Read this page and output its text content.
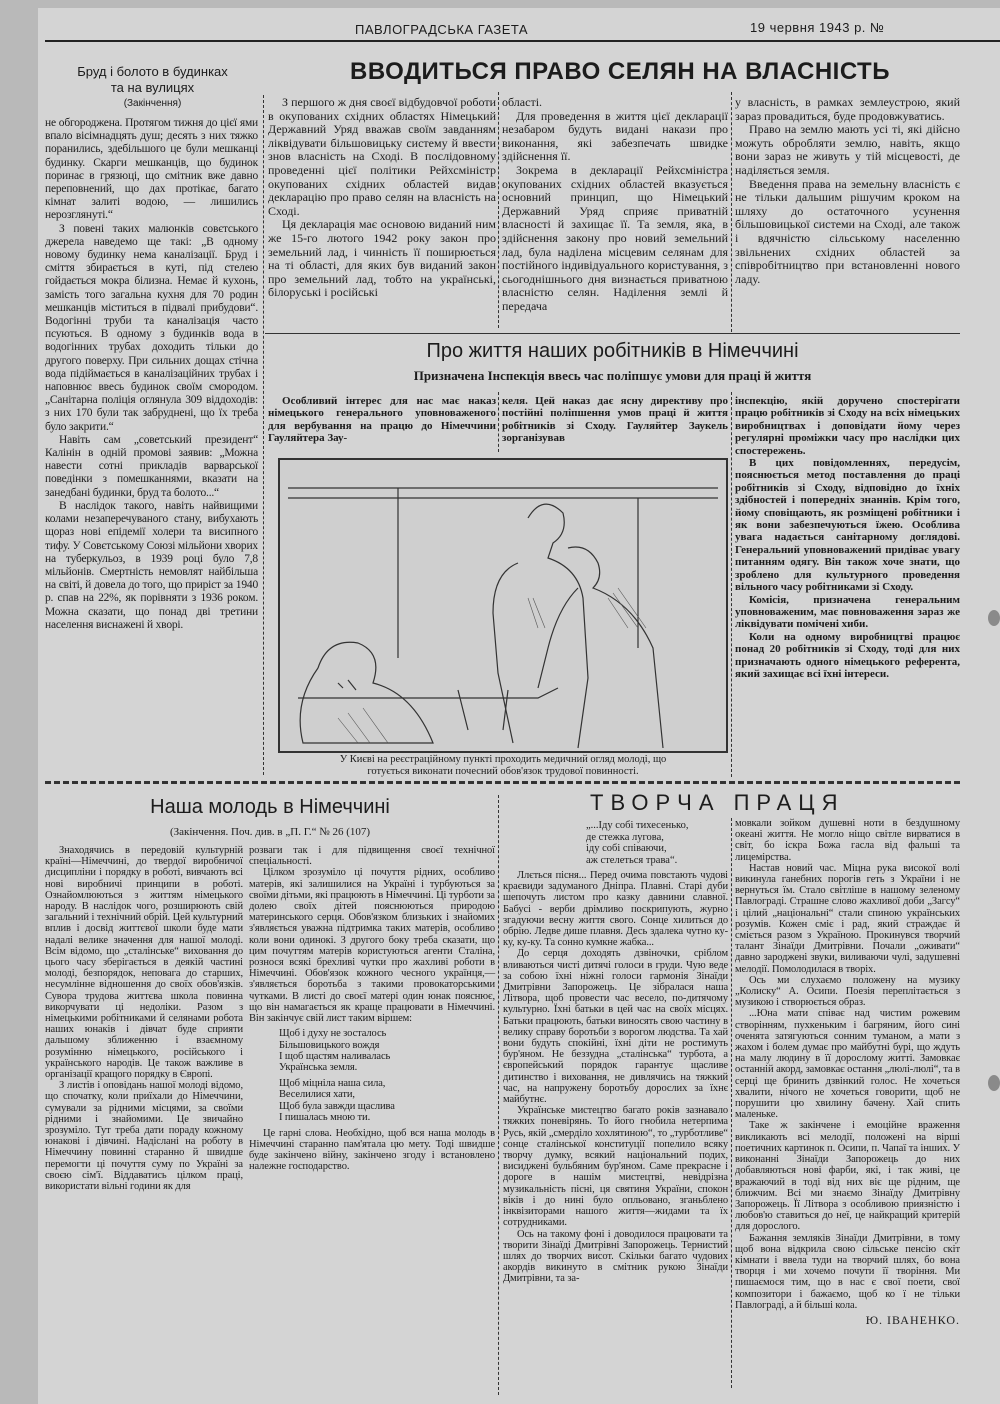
ПАВЛОГРАДСЬКА ГАЗЕТА	19 червня 1943 р. №
Бруд і болото в будинках
та на вулицях
(Закінчення)

не обгороджена. Протягом тижня до цієї ями впало вісімнадцять душ; десять з них тяжко поранились, здебільшого це були мешканці будинку. Скарги мешканців, що будинок поринає в грязюці, що смітник вже давно переповнений, що дах протікає, багато кімнат залиті водою, — лишились нерозглянуті.“

З повені таких малюнків совєтського джерела наведемо ще такі: „В одному новому будинку нема каналізації. Бруд і сміття збирається в куті, під стелею гойдається мокра білизна. Немає й кухонь, замість того загальна кухня для 70 родин мешканців міститься в підвалі прибудови“. Водогінні труби та каналізація часто псуються. В одному з будинків вода в водогінних трубах доходить тільки до другого поверху. При сильних дощах стічна вода підіймається в каналізаційних трубах і наповнює ввесь будинок своїм смородом. „Санітарна поліція оглянула 309 віддоходів: з них 170 були так забруднені, що їх треба було закрити.“

Навіть сам „советський президент“ Калінін в одній промові заявив: „Можна навести сотні прикладів варварської поведінки з помешканнями, вказати на занедбані будинки, бруд та болото...“

В наслідок такого, навіть найвищими колами незаперечуваного стану, вибухають щораз нові епідемії холери та висипного тифу. У Совєтському Союзі мільйони хворих на туберкульоз, в 1939 році було 7,8 мільйонів. Смертність немовлят найбільша на світі, й довела до того, що приріст за 1940 р. спав на 22%, як порівняти з 1936 роком. Можна сказати, що понад дві третини населення виснажені й хворі.

ВВОДИТЬСЯ ПРАВО СЕЛЯН НА ВЛАСНІСТЬ

З першого ж дня своєї відбудовчої роботи в окупованих східних областях Німецький Державний Уряд вважав своїм завданням ліквідувати більшовицьку систему й ввести знов власність на Сході. В послідовному проведенні цієї політики Рейхсміністр окупованих східних областей видав декларацію про право селян на власність на Сході.

Ця декларація має основою виданий ним же 15-го лютого 1942 року закон про земельний лад, і чинність її поширюється на ті області, для яких був виданий закон про земельний лад, тобто на українські, білоруські і російські

області.

Для проведення в життя цієї декларації незабаром будуть видані накази про виконання, які забезпечать швидке здійснення її.

Зокрема в декларації Рейхсміністра окупованих східних областей вказується основний принцип, що Німецький Державний Уряд сприяє приватній власності й захищає її. Та земля, яка, в здійснення закону про новий земельний лад, була наділена місцевим селянам для постійного індивідуального користування, з сьогоднішнього дня визнається приватною власністю селян. Наділення землі й передача

у власність, в рамках землеустрою, який зараз провадиться, буде продовжуватись.

Право на землю мають усі ті, які дійсно можуть обробляти землю, навіть, якщо вони зараз не живуть у тій місцевості, де наділяється земля.

Введення права на земельну власність є не тільки дальшим рішучим кроком на шляху до остаточного усунення більшовицької системи на Сході, але також і вдячністю сільському населенню звільнених східних областей за співробітництво при встановленні нового ладу.

Про життя наших робітників в Німеччині
Призначена Інспекція ввесь час поліпшує умови для праці й життя

Особливий інтерес для нас має наказ німецького генерального уповноваженого для вербування на працю до Німеччини Гауляйтера Зау-

келя. Цей наказ дає ясну директиву про постійні поліпшення умов праці й життя робітників зі Сходу. Гауляйтер Заукель зорганізував

інспекцію, якій доручено спостерігати працю робітників зі Сходу на всіх німецьких виробництвах і доповідати йому через регулярні проміжки часу про наслідки цих спостережень.

В цих повідомленнях, передусім, пояснюється метод поставлення до праці робітників зі Сходу, відповідно до їхніх здібностей і попередніх знаннів. Крім того, йому сповіщають, як розміщені робітники і як вони забезпечуються їжею. Особлива увага надається санітарному доглядові. Генеральний уповноважений придіває увагу питанням одягу. Він також хоче знати, що зроблено для культурного проведення вільного часу робітниками зі Сходу.

Комісія, призначена генеральним уповноваженим, має повноваження зараз же ліквідувати помічені хиби.

Коли на одному виробництві працює понад 20 робітників зі Сходу, тоді для них призначають одного німецького референта, який захищає всі їхні інтереси.

У Києві на реєстраційному пункті проходить медичний огляд молоді, що
готується виконати почесний обов'язок трудової повинності.
Наша молодь в Німеччині
(Закінчення. Поч. див. в „П. Г.“ № 26 (107)

Знаходячись в передовій культурній країні—Німеччині, до твердої виробничої дисципліни і порядку в роботі, вивчають всі нові виробничі принципи в роботі. Ознайомлюються з життям німецького народу. В наслідок чого, розширюють свій загальний і технічний обрій. Цей культурний вплив і досвід життєвої школи буде мати надалі велике значення для нашої молоді. Всім відомо, що „сталінське“ виховання до цього часу зберігається в деякій частині молоді, безпорядок, неповага до старших, несумлінне відношення до своїх обов'язків. Сувора трудова життєва школа повинна викорчувати ці недоліки. Разом з німецькими робітниками й селянами робота наших юнаків і дівчат буде сприяти дальшому зближенню і взаємному розумінню німецького, російського і українського народів. Це також важливе в організації кращого порядку в Європі.

З листів і оповідань нашої молоді відомо, що спочатку, коли приїхали до Німеччини, сумували за рідними місцями, за своїми рідними і знайомими. Це звичайно зрозуміло. Тут треба дати пораду кожному юнакові і дівчині. Надіслані на роботу в Німеччину повинні старанно й швидше перемогти ці почуття суму по Україні за своєю сім'ї. Віддаватись цілком праці, використати вільні години як для

розваги так і для підвищення своєї технічної спеціальності.

Цілком зрозуміло ці почуття рідних, особливо матерів, які залишилися на Україні і турбуються за своїми дітьми, які працюють в Німеччині. Ці турботи за долею своїх дітей пояснюються природою материнського серця. Обов'язком близьких і знайомих з'являється уважна підтримка таких матерів, особливо коли вони одинокі. З другого боку треба сказати, що цим почуттям матерів користуються агенти Сталіна, рознося всякі брехливі чутки про жахливі роботи в Німеччині. Обов'язок кожного чесного українця,—з'являється боротьба з такими провокаторськими чутками. В листі до своєї матері один юнак пояснює, що він намагається як краще працювати в Німеччині. Він закінчує свій лист таким віршем:

Щоб і духу не зосталось
Більшовицького вождя
І щоб щастям наливалась
Українська земля.
Щоб міцніла наша сила,
Веселилися хати,
Щоб була завжди щаслива
І пишалась мною ти.

Це гарні слова. Необхідно, щоб вся наша молодь в Німеччині старанно пам'ятала цю мету. Тоді швидше буде закінчено війну, закінчено згоду і встановлено належне господарство.

ТВОРЧА ПРАЦЯ
„...Іду собі тихесенько,
де стежка лугова,
іду собі співаючи,
аж стелеться трава“.

Ллється пісня... Перед очима повстають чудові краєвиди задуманого Дніпра. Плавні. Старі дуби шепочуть листом про казку давнини славної. Бабусі - верби дрімливо поскрипують, журно згадуючи весну життя свого. Сонце хилиться до обрію. Ледве дише плавня. Десь здалека чутно ку-ку, ку-ку. Та сонно кумкне жабка...

До серця доходять дзвіночки, сріблом вливаються чисті дитячі голоси в груди. Чую веде за собою їхні ніжні голоси гармонія Зінаїди Дмитрівни Запорожець. Це зібралася наша Літвора, щоб провести час весело, по-дитячому культурно. Їхні батьки в цей час на своїх місцях. Батьки працюють, батьки виносять свою частину в велику справу боротьби з ворогом людства. Та хай вони будуть спокійні, їхні діти не ростимуть бур'яном. Не беззудна „сталінська“ турбота, а європейський порядок гарантує щасливе дитинство і виховання, не дивлячись на тяжкий час, на напружену боротьбу дорослих за їхнє майбутнє.

Українське мистецтво багато років зазнавало тяжких поневірянь. То його гнобила нетерпима Русь, якій „смерділо хохлятиною“, то „турботливе“ сонце сталінської конституції попелило всяку творчу думку, всякий національний подих, висиджені бульбяним бур'яном. Саме прекрасне і дороге в нашім мистецтві, невідрізна музикальність пісні, ця святиня України, спокон віків і до нині було опльовано, зганьблено інквізиторами нашого життя—жидами та їх сотрудниками.

Ось на такому фоні і доводилося працювати та творити Зінаїді Дмитрівні Запорожець. Тернистий шлях до творчих висот. Скільки багато чудових акордів викинуто в смітник рукою Зінаїди Дмитрівни, та за-

мовкали зойком душевні ноти в бездушному океані життя. Не могло ніщо світле вирватися в світ, бо іскра Божа гасла від фальші та лицемірства.

Настав новий час. Міцна рука високої волі викинула ганебних порогів геть з України і не вернуться їм. Стало світліше в нашому зеленому Павлограді. Страшне слово жахливої доби „Загсу“ і цілий „національні“ стали спиною українських розумів. Кожен сміє і рад, який страждає й сміється разом з Україною. Прокинувся творчий талант Зінаїди Дмитрівни. Почали „оживати“ давно зароджені звуки, виливаючи чулі, задушевні мелодії. Помолодилася в творіх.

Ось ми слухаємо положену на музику „Колиску“ А. Осипи. Поезія переплітається з музикою і створюється образ.

...Юна мати співає над чистим рожевим створінням, пухкеньким і багряним, його сині оченята затягуються сонним туманом, а мати з жахом і болем думає про майбутні бурі, що ждуть на малу людину в її дорослому житті. Замовкає останній акорд, замовкає остання „люлі-люлі“, та в серці ще бринить дзвінкий голос. Не хочеться хвалити, нічого не хочеться говорити, щоб не порушити цю хвилину бачену. Хай спить маленьке.

Таке ж закінчене і емоційне враження викликають всі мелодії, положені на вірші поетичних картинок п. Осипи, п. Чапаї та інших. У виконанні Зінаїди Запорожець до них добавляються нові фарби, які, і так живі, це вражаючий в тоді від них віє ще рідним, ще ближчим. Всі ми знаємо Зінаїду Дмитрівну Запорожець. Її Літвора з особливою приязністю і любов'ю ставиться до неї, це найкращий критерій для дорослого.

Бажання земляків Зінаїди Дмитрівни, в тому щоб вона відкрила свою сільське пенсію скіт кімнати і ввела туди на творчий шлях, бо вона творця і ми хочемо почути її творіння. Ми пишаємося тим, що в нас є свої поети, свої композитори і бажаємо, щоб ко ї не тільки Павлограді, а й більші кола.

Ю. ІВАНЕНКО.
